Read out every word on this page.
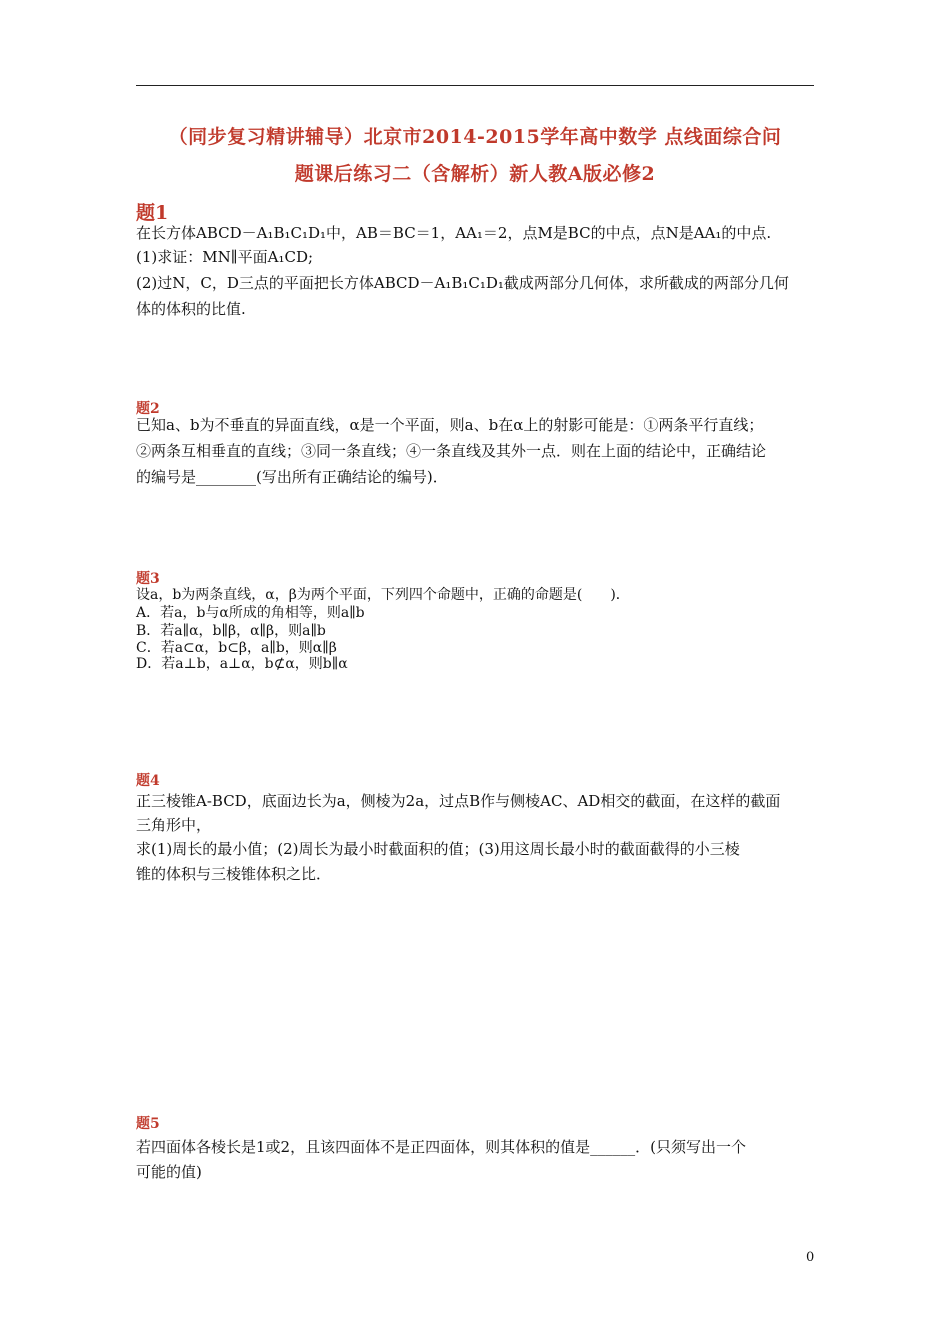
（同步复习精讲辅导）北京市2014-2015学年高中数学 点线面综合问
题课后练习二（含解析）新人教A版必修2
题1
在长方体ABCD－A₁B₁C₁D₁中，AB＝BC＝1，AA₁＝2，点M是BC的中点，点N是AA₁的中点.
(1)求证：MN∥平面A₁CD;
(2)过N，C，D三点的平面把长方体ABCD－A₁B₁C₁D₁截成两部分几何体，求所截成的两部分几何
体的体积的比值.
题2
已知a、b为不垂直的异面直线，α是一个平面，则a、b在α上的射影可能是：①两条平行直线；
②两条互相垂直的直线；③同一条直线；④一条直线及其外一点．则在上面的结论中，正确结论
的编号是________(写出所有正确结论的编号)．
题3
设a，b为两条直线，α，β为两个平面，下列四个命题中，正确的命题是(　　)．
A．若a，b与α所成的角相等，则a∥b
B．若a∥α，b∥β，α∥β，则a∥b
C．若a⊂α，b⊂β，a∥b，则α∥β
D．若a⊥b，a⊥α，b⊄α，则b∥α
题4
正三棱锥A-BCD，底面边长为a，侧棱为2a，过点B作与侧棱AC、AD相交的截面，在这样的截面
三角形中，
求(1)周长的最小值；(2)周长为最小时截面积的值；(3)用这周长最小时的截面截得的小三棱
锥的体积与三棱锥体积之比．
题5
若四面体各棱长是1或2，且该四面体不是正四面体，则其体积的值是______．(只须写出一个
可能的值)
0
